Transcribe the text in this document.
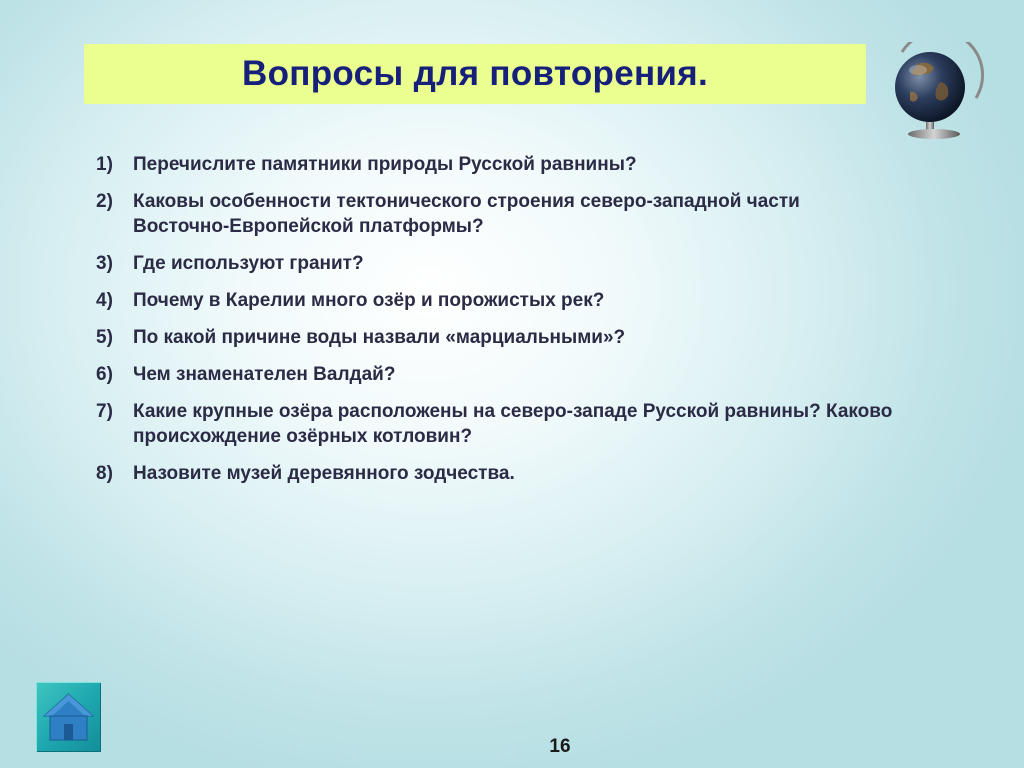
Вопросы для повторения.
1)	Перечислите памятники природы Русской равнины?
2)	Каковы особенности тектонического строения северо-западной части Восточно-Европейской платформы?
3)	Где используют гранит?
4)	Почему в Карелии много озёр и порожистых рек?
5)	По какой причине воды назвали «марциальными»?
6)	Чем знаменателен Валдай?
7)	Какие крупные озёра расположены на северо-западе Русской равнины? Каково происхождение озёрных котловин?
8)	Назовите музей деревянного зодчества.
16
